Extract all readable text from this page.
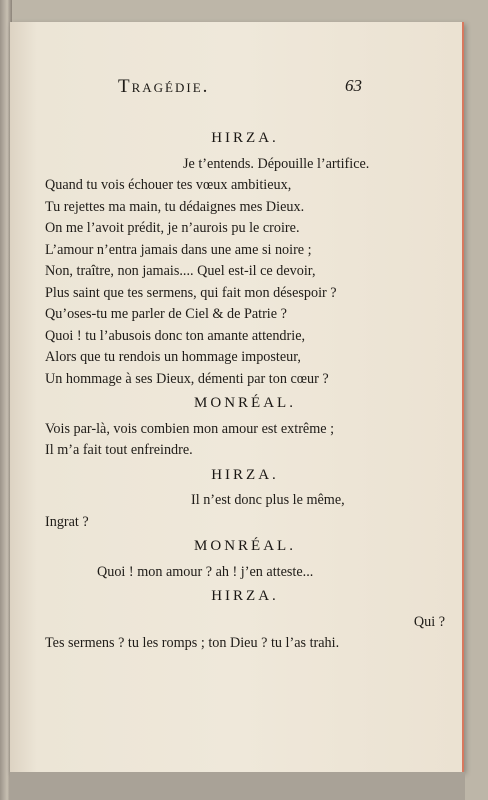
Tragédie.	63
HIRZA.
Je t’entends. Dépouille l’artifice.
Quand tu vois échouer tes vœux ambitieux,
Tu rejettes ma main, tu dédaignes mes Dieux.
On me l’avoit prédit, je n’aurois pu le croire.
L’amour n’entra jamais dans une ame si noire ;
Non, traître, non jamais.... Quel est-il ce devoir,
Plus saint que tes sermens, qui fait mon désespoir ?
Qu’oses-tu me parler de Ciel & de Patrie ?
Quoi ! tu l’abusois donc ton amante attendrie,
Alors que tu rendois un hommage imposteur,
Un hommage à ses Dieux, démenti par ton cœur ?
MONRÉAL.
Vois par-là, vois combien mon amour est extrême ;
Il m’a fait tout enfreindre.
HIRZA.
Il n’est donc plus le même,
Ingrat ?
MONRÉAL.
Quoi ! mon amour ? ah ! j’en atteste...
HIRZA.
Qui ?
Tes sermens ? tu les romps ; ton Dieu ? tu l’as trahi.
